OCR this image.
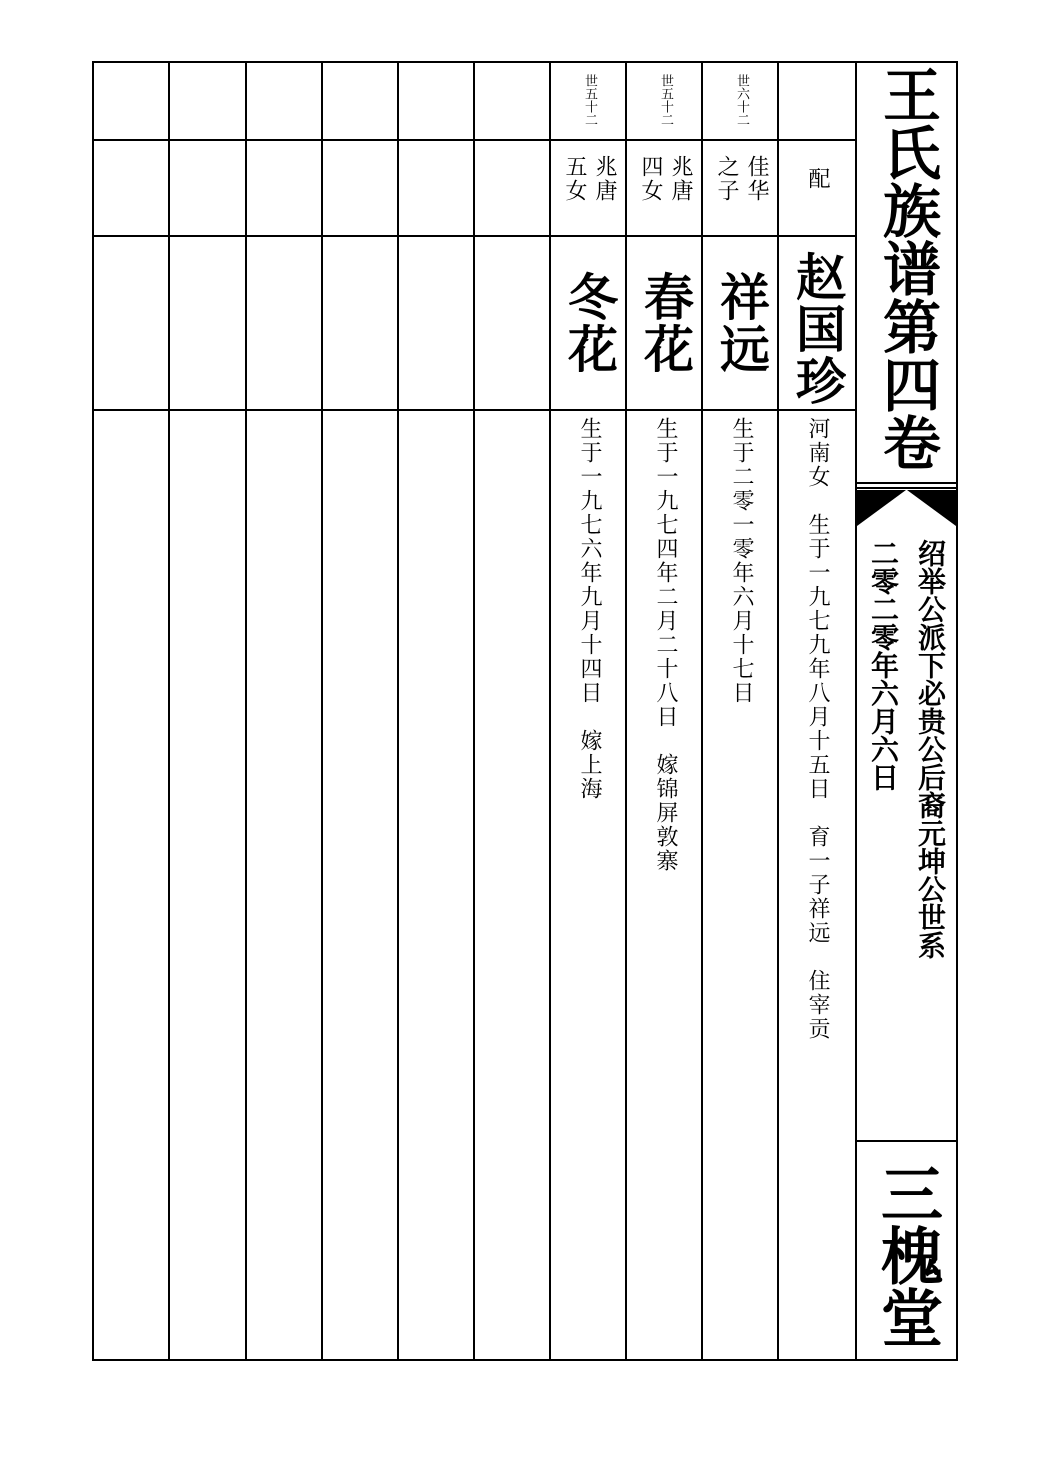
配
赵国珍
河南女　生于一九七九年八月十五日　育一子祥远　住宰贡
世六十二
佳华
之子
祥远
生于二零一零年六月十七日
世五十二
兆唐
四女
春花
生于一九七四年二月二十八日　嫁锦屏敦寨
世五十二
兆唐
五女
冬花
生于一九七六年九月十四日　嫁上海
王氏族谱第四卷
绍举公派下必贵公后裔元坤公世系
二零二零年六月六日
三槐堂
